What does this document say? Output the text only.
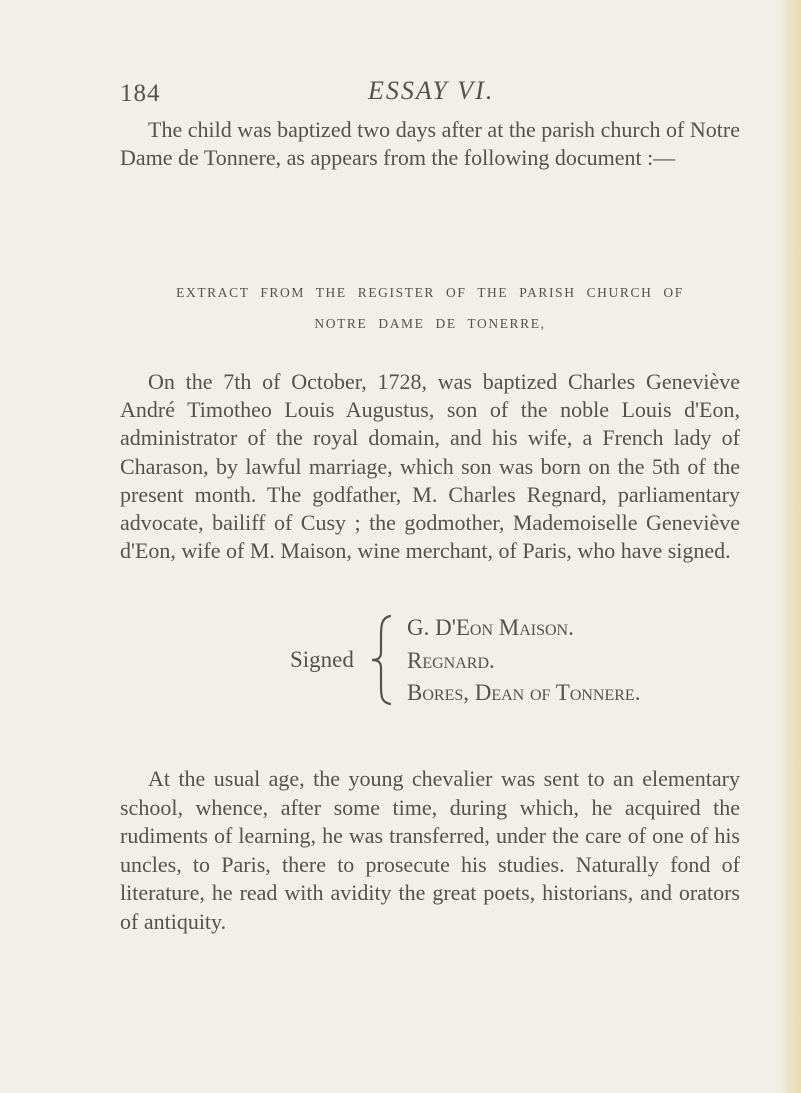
184	ESSAY VI.

The child was baptized two days after at the parish church of Notre Dame de Tonnere, as appears from the following document :—

EXTRACT FROM THE REGISTER OF THE PARISH CHURCH OF
NOTRE DAME DE TONERRE,

On the 7th of October, 1728, was baptized Charles Geneviève André Timotheo Louis Augustus, son of the noble Louis d'Eon, administrator of the royal domain, and his wife, a French lady of Charason, by lawful marriage, which son was born on the 5th of the present month. The godfather, M. Charles Regnard, parliamentary advocate, bailiff of Cusy ; the godmother, Mademoiselle Geneviève d'Eon, wife of M. Maison, wine merchant, of Paris, who have signed.

Signed
G. D'Eon Maison.
Regnard.
Bores, Dean of Tonnere.

At the usual age, the young chevalier was sent to an elementary school, whence, after some time, during which, he acquired the rudiments of learning, he was transferred, under the care of one of his uncles, to Paris, there to prosecute his studies. Naturally fond of literature, he read with avidity the great poets, historians, and orators of antiquity.
